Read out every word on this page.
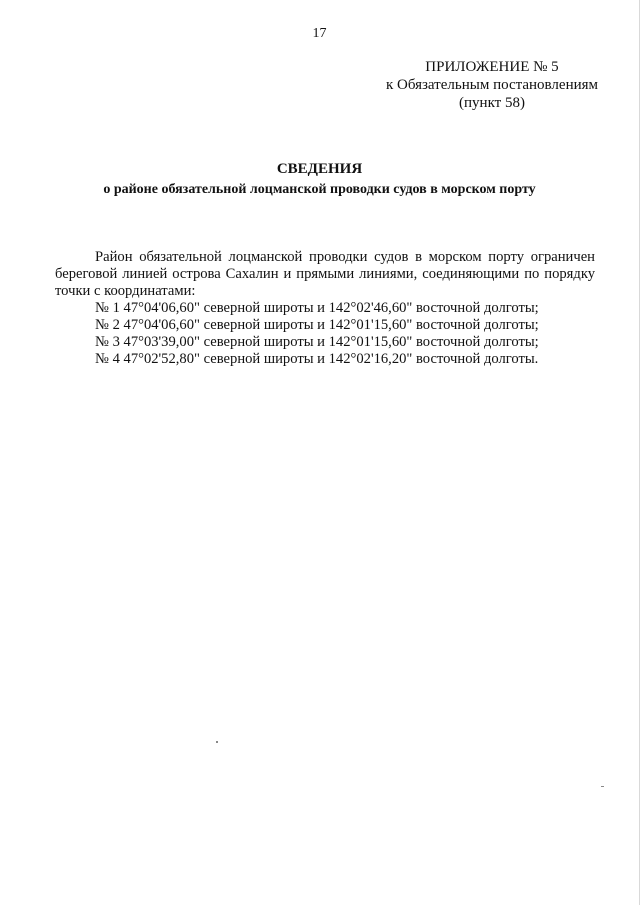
17
ПРИЛОЖЕНИЕ № 5
к Обязательным постановлениям
(пункт 58)
СВЕДЕНИЯ
о районе обязательной лоцманской проводки судов в морском порту
Район обязательной лоцманской проводки судов в морском порту ограничен
береговой линией острова Сахалин и прямыми линиями, соединяющими по порядку
точки с координатами:
№ 1 47°04'06,60" северной широты и 142°02'46,60" восточной долготы;
№ 2 47°04'06,60" северной широты и 142°01'15,60" восточной долготы;
№ 3 47°03'39,00" северной широты и 142°01'15,60" восточной долготы;
№ 4 47°02'52,80" северной широты и 142°02'16,20" восточной долготы.
